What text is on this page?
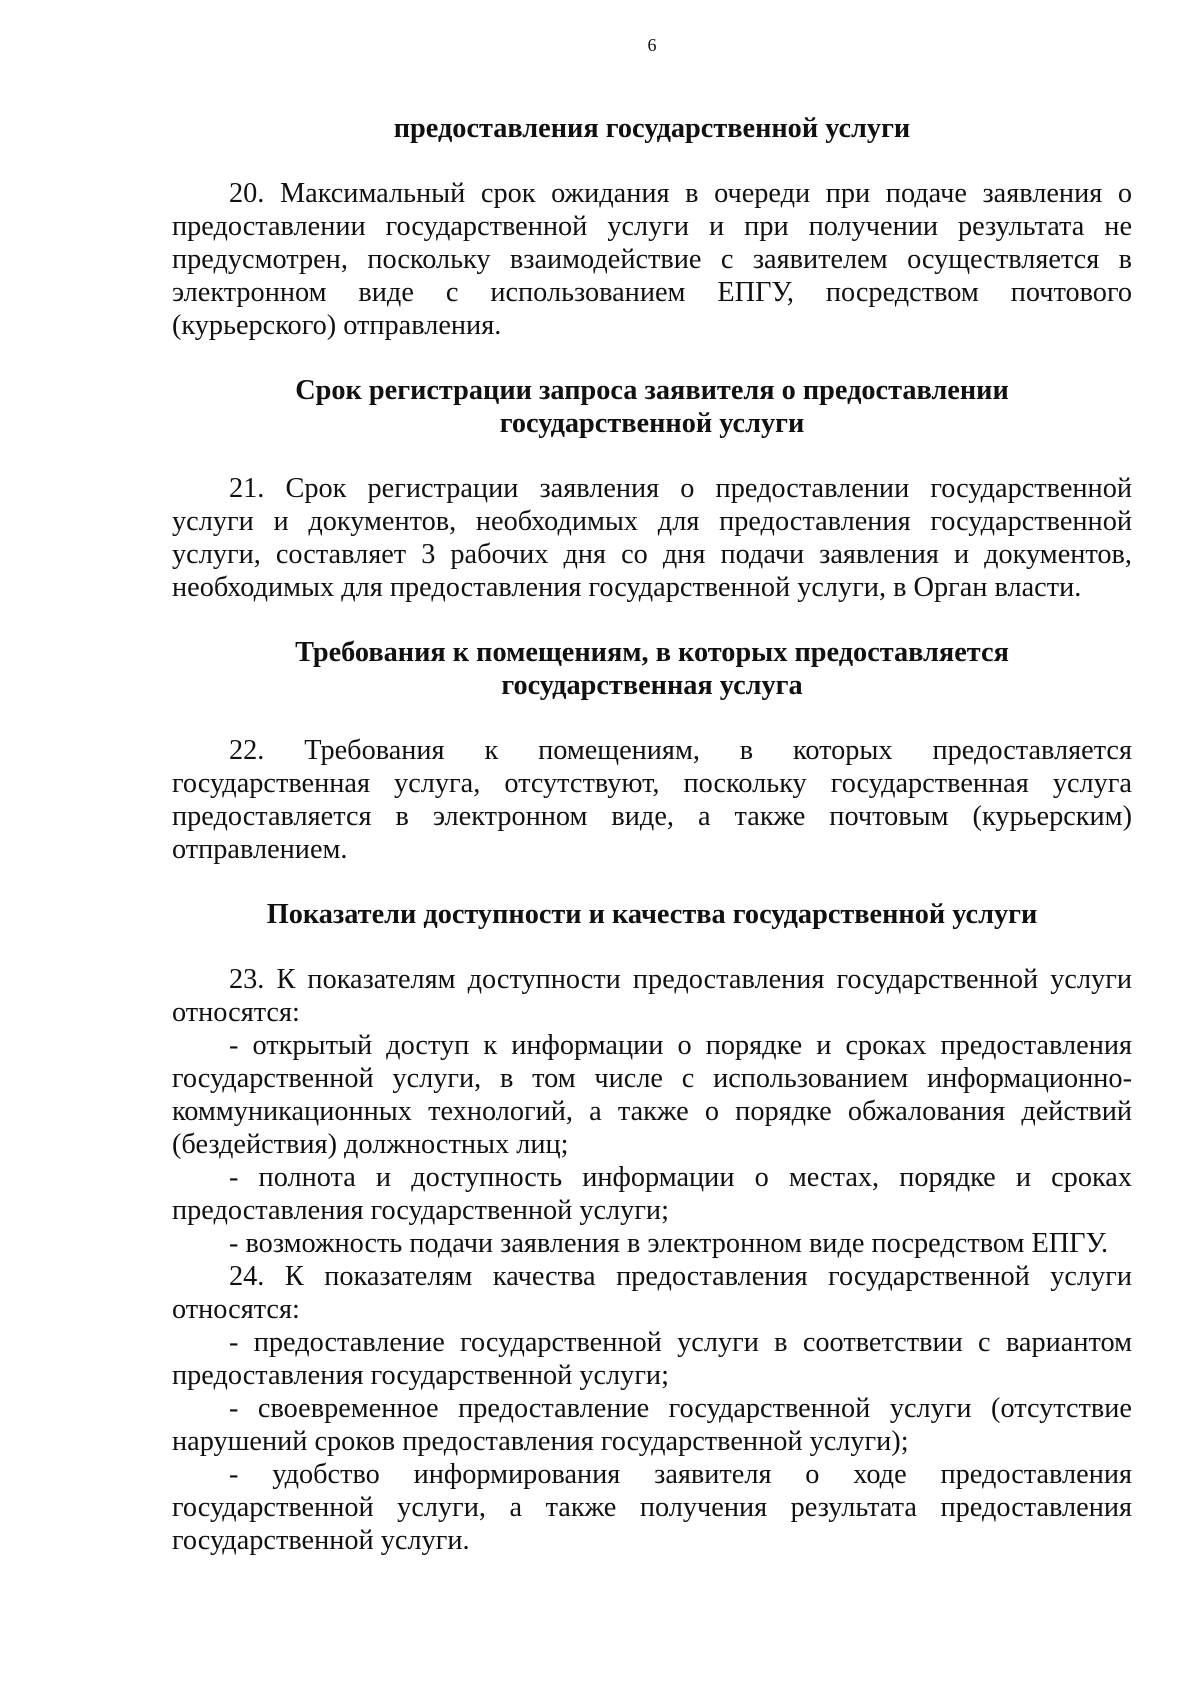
6

предоставления государственной услуги

20. Максимальный срок ожидания в очереди при подаче заявления о предоставлении государственной услуги и при получении результата не предусмотрен, поскольку взаимодействие с заявителем осуществляется в электронном виде с использованием ЕПГУ, посредством почтового (курьерского) отправления.

Срок регистрации запроса заявителя о предоставлении государственной услуги

21. Срок регистрации заявления о предоставлении государственной услуги и документов, необходимых для предоставления государственной услуги, составляет 3 рабочих дня со дня подачи заявления и документов, необходимых для предоставления государственной услуги, в Орган власти.

Требования к помещениям, в которых предоставляется государственная услуга

22. Требования к помещениям, в которых предоставляется государственная услуга, отсутствуют, поскольку государственная услуга предоставляется в электронном виде, а также почтовым (курьерским) отправлением.

Показатели доступности и качества государственной услуги

23. К показателям доступности предоставления государственной услуги относятся:

- открытый доступ к информации о порядке и сроках предоставления государственной услуги, в том числе с использованием информационно-коммуникационных технологий, а также о порядке обжалования действий (бездействия) должностных лиц;

- полнота и доступность информации о местах, порядке и сроках предоставления государственной услуги;

- возможность подачи заявления в электронном виде посредством ЕПГУ.

24. К показателям качества предоставления государственной услуги относятся:

- предоставление государственной услуги в соответствии с вариантом предоставления государственной услуги;

- своевременное предоставление государственной услуги (отсутствие нарушений сроков предоставления государственной услуги);

- удобство информирования заявителя о ходе предоставления государственной услуги, а также получения результата предоставления государственной услуги.
